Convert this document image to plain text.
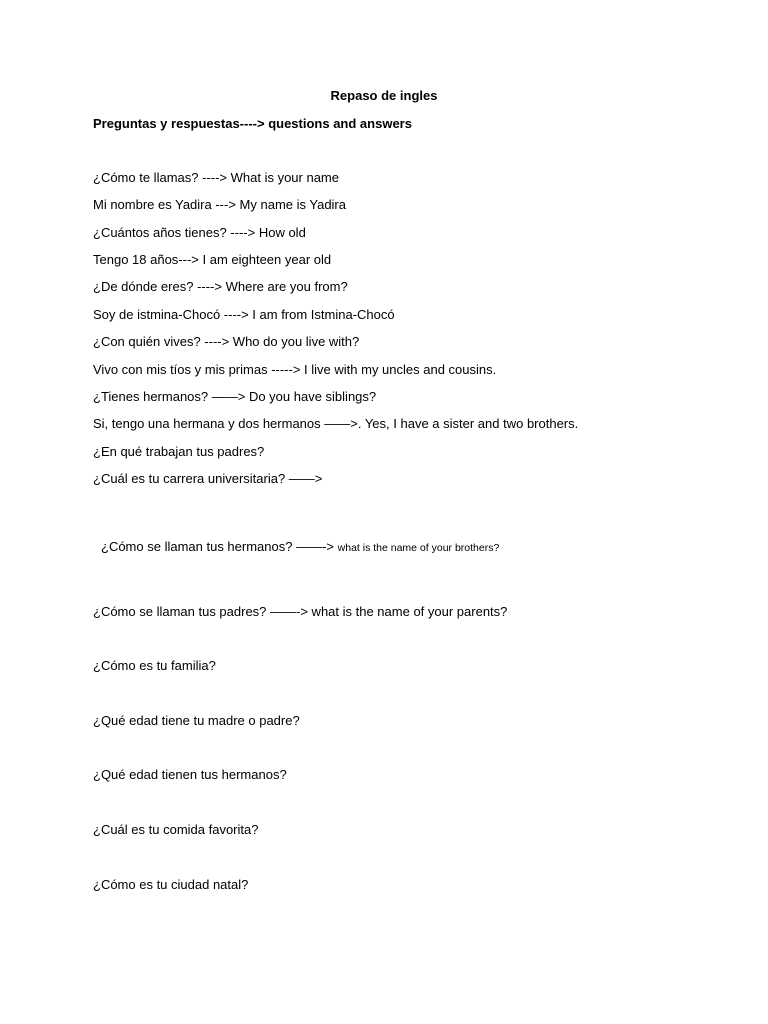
Repaso de ingles
Preguntas y respuestas----> questions and answers
¿Cómo te llamas? ----> What is your name
Mi nombre es Yadira ---> My name is Yadira
¿Cuántos años tienes? ----> How old
Tengo 18 años---> I am eighteen year old
¿De dónde eres? ----> Where are you from?
Soy de istmina-Chocó ----> I am from Istmina-Chocó
¿Con quién vives? ----> Who do you live with?
Vivo con mis tíos y mis primas -----> I live with my uncles and cousins.
¿Tienes hermanos? ——> Do you have siblings?
Si, tengo una hermana y dos hermanos ——>. Yes, I have a sister and two brothers.
¿En qué trabajan tus padres?
¿Cuál es tu carrera universitaria? ——>
¿Cómo se llaman tus hermanos? ——-> what is the name of your brothers?
¿Cómo se llaman tus padres? ——-> what is the name of your parents?
¿Cómo es tu familia?
¿Qué edad tiene tu madre o padre?
¿Qué edad tienen tus hermanos?
¿Cuál es tu comida favorita?
¿Cómo es tu ciudad natal?
